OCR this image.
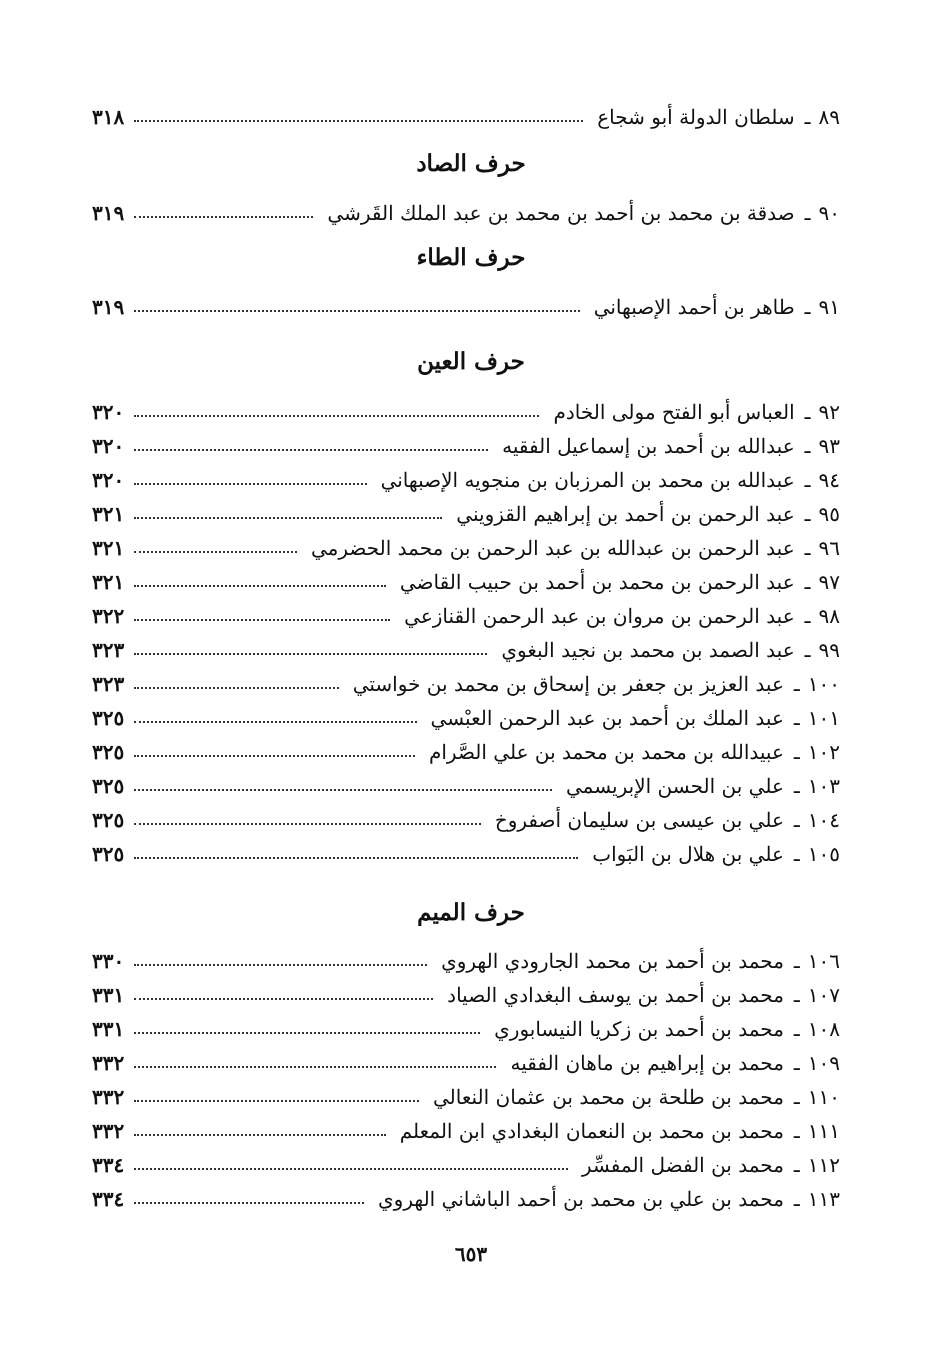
حرف الصاد
حرف الطاء
حرف العين
حرف الميم
٨٩
ـ
سلطان الدولة أبو شجاع
٣١٨
٩٠
ـ
صدقة بن محمد بن أحمد بن محمد بن عبد الملك القَرشي
٣١٩
٩١
ـ
طاهر بن أحمد الإصبهاني
٣١٩
٩٢
ـ
العباس أبو الفتح مولى الخادم
٣٢٠
٩٣
ـ
عبدالله بن أحمد بن إسماعيل الفقيه
٣٢٠
٩٤
ـ
عبدالله بن محمد بن المرزبان بن منجويه الإصبهاني
٣٢٠
٩٥
ـ
عبد الرحمن بن أحمد بن إبراهيم القزويني
٣٢١
٩٦
ـ
عبد الرحمن بن عبدالله بن عبد الرحمن بن محمد الحضرمي
٣٢١
٩٧
ـ
عبد الرحمن بن محمد بن أحمد بن حبيب القاضي
٣٢١
٩٨
ـ
عبد الرحمن بن مروان بن عبد الرحمن القنازعي
٣٢٢
٩٩
ـ
عبد الصمد بن محمد بن نجيد البغوي
٣٢٣
١٠٠
ـ
عبد العزيز بن جعفر بن إسحاق بن محمد بن خواستي
٣٢٣
١٠١
ـ
عبد الملك بن أحمد بن عبد الرحمن العبْسي
٣٢٥
١٠٢
ـ
عبيدالله بن محمد بن محمد بن علي الصَّرام
٣٢٥
١٠٣
ـ
علي بن الحسن الإبريسمي
٣٢٥
١٠٤
ـ
علي بن عيسى بن سليمان أصفروخ
٣٢٥
١٠٥
ـ
علي بن هلال بن البَواب
٣٢٥
١٠٦
ـ
محمد بن أحمد بن محمد الجارودي الهروي
٣٣٠
١٠٧
ـ
محمد بن أحمد بن يوسف البغدادي الصياد
٣٣١
١٠٨
ـ
محمد بن أحمد بن زكريا النيسابوري
٣٣١
١٠٩
ـ
محمد بن إبراهيم بن ماهان الفقيه
٣٣٢
١١٠
ـ
محمد بن طلحة بن محمد بن عثمان النعالي
٣٣٢
١١١
ـ
محمد بن محمد بن النعمان البغدادي ابن المعلم
٣٣٢
١١٢
ـ
محمد بن الفضل المفسِّر
٣٣٤
١١٣
ـ
محمد بن علي بن محمد بن أحمد الباشاني الهروي
٣٣٤
٦٥٣
